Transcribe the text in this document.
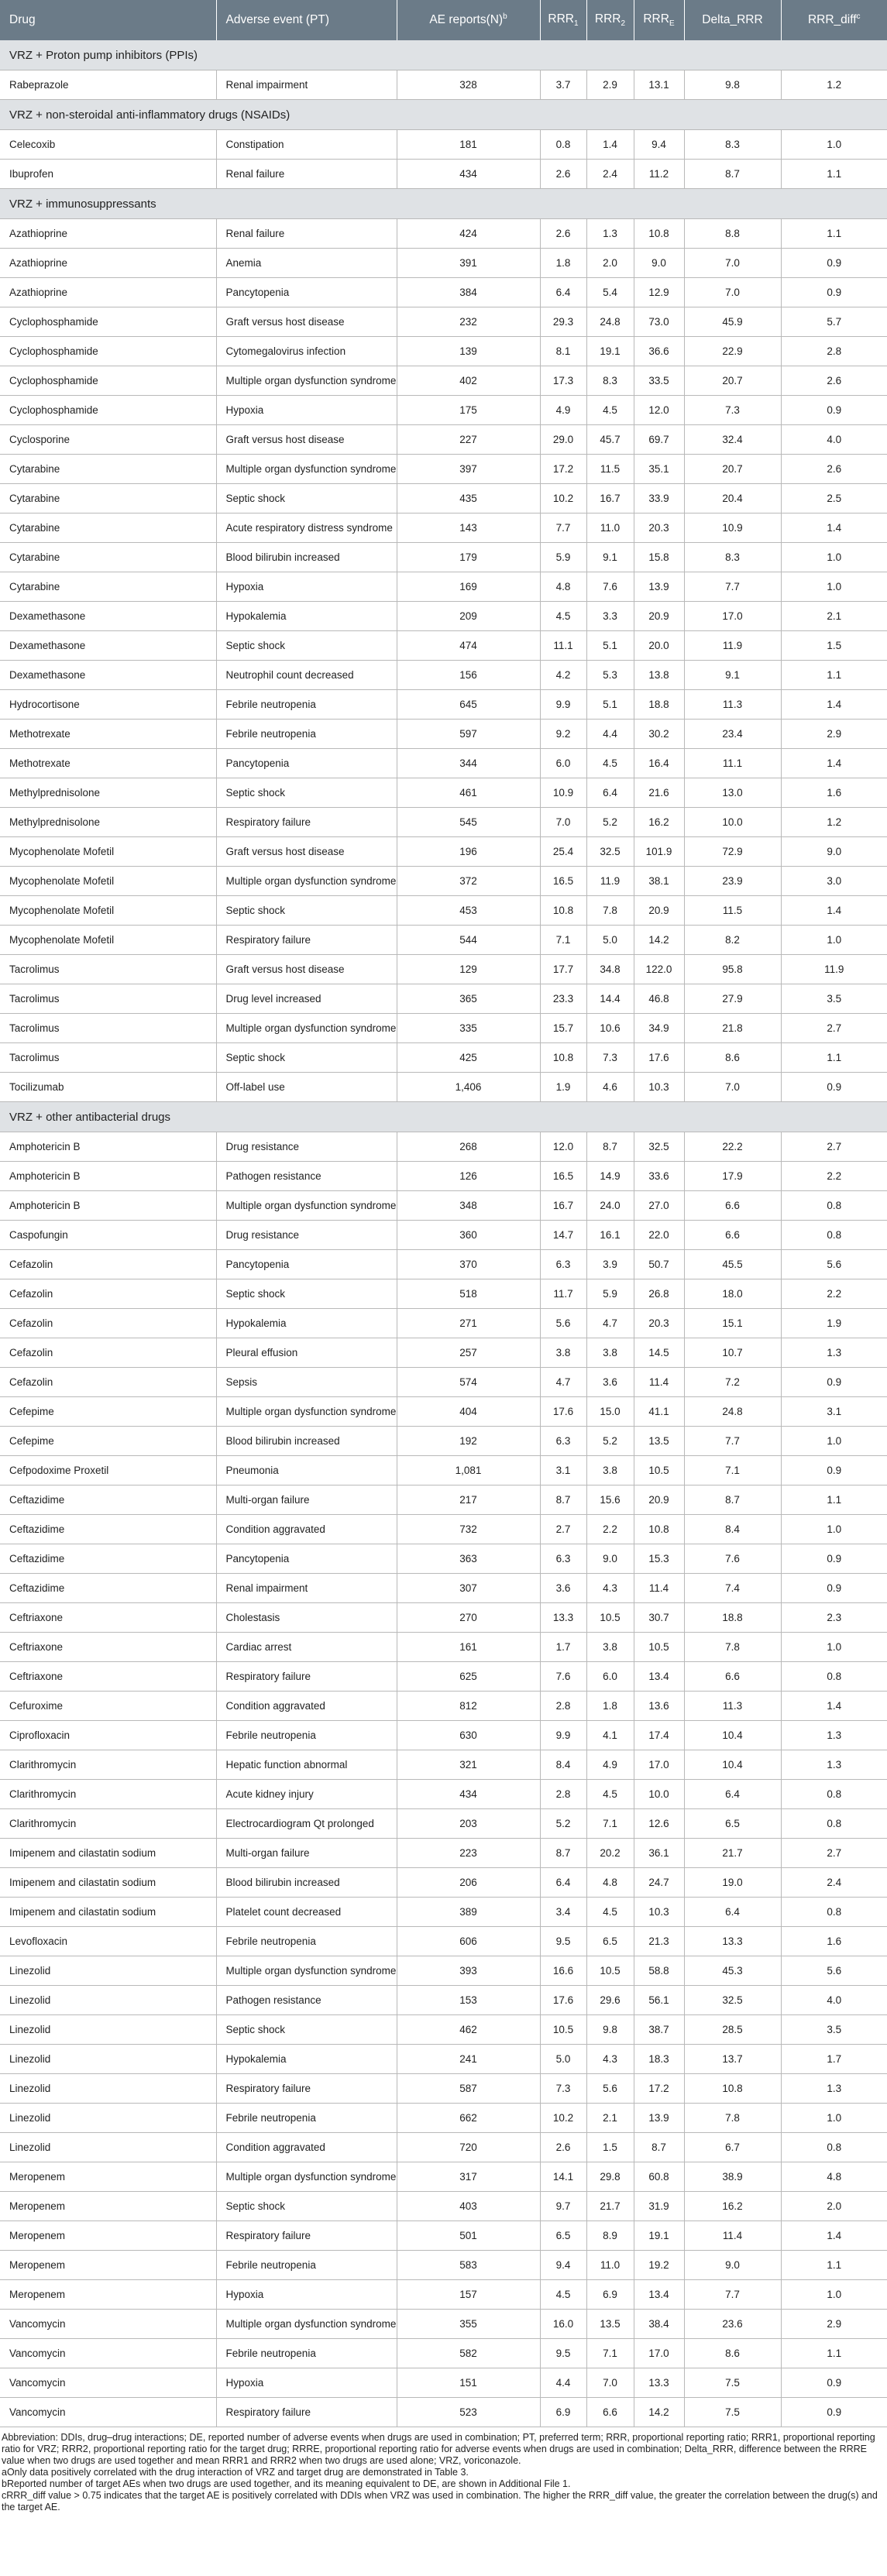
Drug	Adverse event (PT)	AE $reports(N)^b$	$RRR_1$	$RRR_2$	$RRR_E$	Delta_RRR	RRR_diff$^c$
VRZ + Proton pump inhibitors (PPIs)							
Rabeprazole	Renal impairment	328	3.7	2.9	13.1	9.8	1.2
VRZ + non-steroidal anti-inflammatory drugs (NSAIDs)							
Celecoxib	Constipation	181	0.8	1.4	9.4	8.3	1.0
Ibuprofen	Renal failure	434	2.6	2.4	11.2	8.7	1.1
VRZ + immunosuppressants							
Azathioprine	Renal failure	424	2.6	1.3	10.8	8.8	1.1
Azathioprine	Anemia	391	1.8	2.0	9.0	7.0	0.9
Azathioprine	Pancytopenia	384	6.4	5.4	12.9	7.0	0.9
Cyclophosphamide	Graft versus host disease	232	29.3	24.8	73.0	45.9	5.7
Cyclophosphamide	Cytomegalovirus infection	139	8.1	19.1	36.6	22.9	2.8
Cyclophosphamide	Multiple organ dysfunction syndrome	402	17.3	8.3	33.5	20.7	2.6
Cyclophosphamide	Hypoxia	175	4.9	4.5	12.0	7.3	0.9
Cyclosporine	Graft versus host disease	227	29.0	45.7	69.7	32.4	4.0
Cytarabine	Multiple organ dysfunction syndrome	397	17.2	11.5	35.1	20.7	2.6
Cytarabine	Septic shock	435	10.2	16.7	33.9	20.4	2.5
Cytarabine	Acute respiratory distress syndrome	143	7.7	11.0	20.3	10.9	1.4
Cytarabine	Blood bilirubin increased	179	5.9	9.1	15.8	8.3	1.0
Cytarabine	Hypoxia	169	4.8	7.6	13.9	7.7	1.0
Dexamethasone	Hypokalemia	209	4.5	3.3	20.9	17.0	2.1
Dexamethasone	Septic shock	474	11.1	5.1	20.0	11.9	1.5
Dexamethasone	Neutrophil count decreased	156	4.2	5.3	13.8	9.1	1.1
Hydrocortisone	Febrile neutropenia	645	9.9	5.1	18.8	11.3	1.4
Methotrexate	Febrile neutropenia	597	9.2	4.4	30.2	23.4	2.9
Methotrexate	Pancytopenia	344	6.0	4.5	16.4	11.1	1.4
Methylprednisolone	Septic shock	461	10.9	6.4	21.6	13.0	1.6
Methylprednisolone	Respiratory failure	545	7.0	5.2	16.2	10.0	1.2
Mycophenolate Mofetil	Graft versus host disease	196	25.4	32.5	101.9	72.9	9.0
Mycophenolate Mofetil	Multiple organ dysfunction syndrome	372	16.5	11.9	38.1	23.9	3.0
Mycophenolate Mofetil	Septic shock	453	10.8	7.8	20.9	11.5	1.4
Mycophenolate Mofetil	Respiratory failure	544	7.1	5.0	14.2	8.2	1.0
Tacrolimus	Graft versus host disease	129	17.7	34.8	122.0	95.8	11.9
Tacrolimus	Drug level increased	365	23.3	14.4	46.8	27.9	3.5
Tacrolimus	Multiple organ dysfunction syndrome	335	15.7	10.6	34.9	21.8	2.7
Tacrolimus	Septic shock	425	10.8	7.3	17.6	8.6	1.1
Tocilizumab	Off-label use	1,406	1.9	4.6	10.3	7.0	0.9
VRZ + other antibacterial drugs							
Amphotericin B	Drug resistance	268	12.0	8.7	32.5	22.2	2.7
Amphotericin B	Pathogen resistance	126	16.5	14.9	33.6	17.9	2.2
Amphotericin B	Multiple organ dysfunction syndrome	348	16.7	24.0	27.0	6.6	0.8
Caspofungin	Drug resistance	360	14.7	16.1	22.0	6.6	0.8
Cefazolin	Pancytopenia	370	6.3	3.9	50.7	45.5	5.6
Cefazolin	Septic shock	518	11.7	5.9	26.8	18.0	2.2
Cefazolin	Hypokalemia	271	5.6	4.7	20.3	15.1	1.9
Cefazolin	Pleural effusion	257	3.8	3.8	14.5	10.7	1.3
Cefazolin	Sepsis	574	4.7	3.6	11.4	7.2	0.9
Cefepime	Multiple organ dysfunction syndrome	404	17.6	15.0	41.1	24.8	3.1
Cefepime	Blood bilirubin increased	192	6.3	5.2	13.5	7.7	1.0
Cefpodoxime Proxetil	Pneumonia	1,081	3.1	3.8	10.5	7.1	0.9
Ceftazidime	Multi-organ failure	217	8.7	15.6	20.9	8.7	1.1
Ceftazidime	Condition aggravated	732	2.7	2.2	10.8	8.4	1.0
Ceftazidime	Pancytopenia	363	6.3	9.0	15.3	7.6	0.9
Ceftazidime	Renal impairment	307	3.6	4.3	11.4	7.4	0.9
Ceftriaxone	Cholestasis	270	13.3	10.5	30.7	18.8	2.3
Ceftriaxone	Cardiac arrest	161	1.7	3.8	10.5	7.8	1.0
Ceftriaxone	Respiratory failure	625	7.6	6.0	13.4	6.6	0.8
Cefuroxime	Condition aggravated	812	2.8	1.8	13.6	11.3	1.4
Ciprofloxacin	Febrile neutropenia	630	9.9	4.1	17.4	10.4	1.3
Clarithromycin	Hepatic function abnormal	321	8.4	4.9	17.0	10.4	1.3
Clarithromycin	Acute kidney injury	434	2.8	4.5	10.0	6.4	0.8
Clarithromycin	Electrocardiogram Qt prolonged	203	5.2	7.1	12.6	6.5	0.8
Imipenem and cilastatin sodium	Multi-organ failure	223	8.7	20.2	36.1	21.7	2.7
Imipenem and cilastatin sodium	Blood bilirubin increased	206	6.4	4.8	24.7	19.0	2.4
Imipenem and cilastatin sodium	Platelet count decreased	389	3.4	4.5	10.3	6.4	0.8
Levofloxacin	Febrile neutropenia	606	9.5	6.5	21.3	13.3	1.6
Linezolid	Multiple organ dysfunction syndrome	393	16.6	10.5	58.8	45.3	5.6
Linezolid	Pathogen resistance	153	17.6	29.6	56.1	32.5	4.0
Linezolid	Septic shock	462	10.5	9.8	38.7	28.5	3.5
Linezolid	Hypokalemia	241	5.0	4.3	18.3	13.7	1.7
Linezolid	Respiratory failure	587	7.3	5.6	17.2	10.8	1.3
Linezolid	Febrile neutropenia	662	10.2	2.1	13.9	7.8	1.0
Linezolid	Condition aggravated	720	2.6	1.5	8.7	6.7	0.8
Meropenem	Multiple organ dysfunction syndrome	317	14.1	29.8	60.8	38.9	4.8
Meropenem	Septic shock	403	9.7	21.7	31.9	16.2	2.0
Meropenem	Respiratory failure	501	6.5	8.9	19.1	11.4	1.4
Meropenem	Febrile neutropenia	583	9.4	11.0	19.2	9.0	1.1
Meropenem	Hypoxia	157	4.5	6.9	13.4	7.7	1.0
Vancomycin	Multiple organ dysfunction syndrome	355	16.0	13.5	38.4	23.6	2.9
Vancomycin	Febrile neutropenia	582	9.5	7.1	17.0	8.6	1.1
Vancomycin	Hypoxia	151	4.4	7.0	13.3	7.5	0.9
Vancomycin	Respiratory failure	523	6.9	6.6	14.2	7.5	0.9

Abbreviation: DDIs, drug–drug interactions; DE, reported number of adverse events when drugs are used in combination; PT, preferred term; RRR, proportional reporting ratio; RRR1, proportional reporting ratio for VRZ; RRR2, proportional reporting ratio for the target drug; RRRE, proportional reporting ratio for adverse events when drugs are used in combination; Delta_RRR, difference between the RRRE value when two drugs are used together and mean RRR1 and RRR2 when two drugs are used alone; VRZ, voriconazole.

aOnly data positively correlated with the drug interaction of VRZ and target drug are demonstrated in Table 3.

bReported number of target AEs when two drugs are used together, and its meaning equivalent to DE, are shown in Additional File 1.

cRRR_diff value > 0.75 indicates that the target AE is positively correlated with DDIs when VRZ was used in combination. The higher the RRR_diff value, the greater the correlation between the drug(s) and the target AE.
